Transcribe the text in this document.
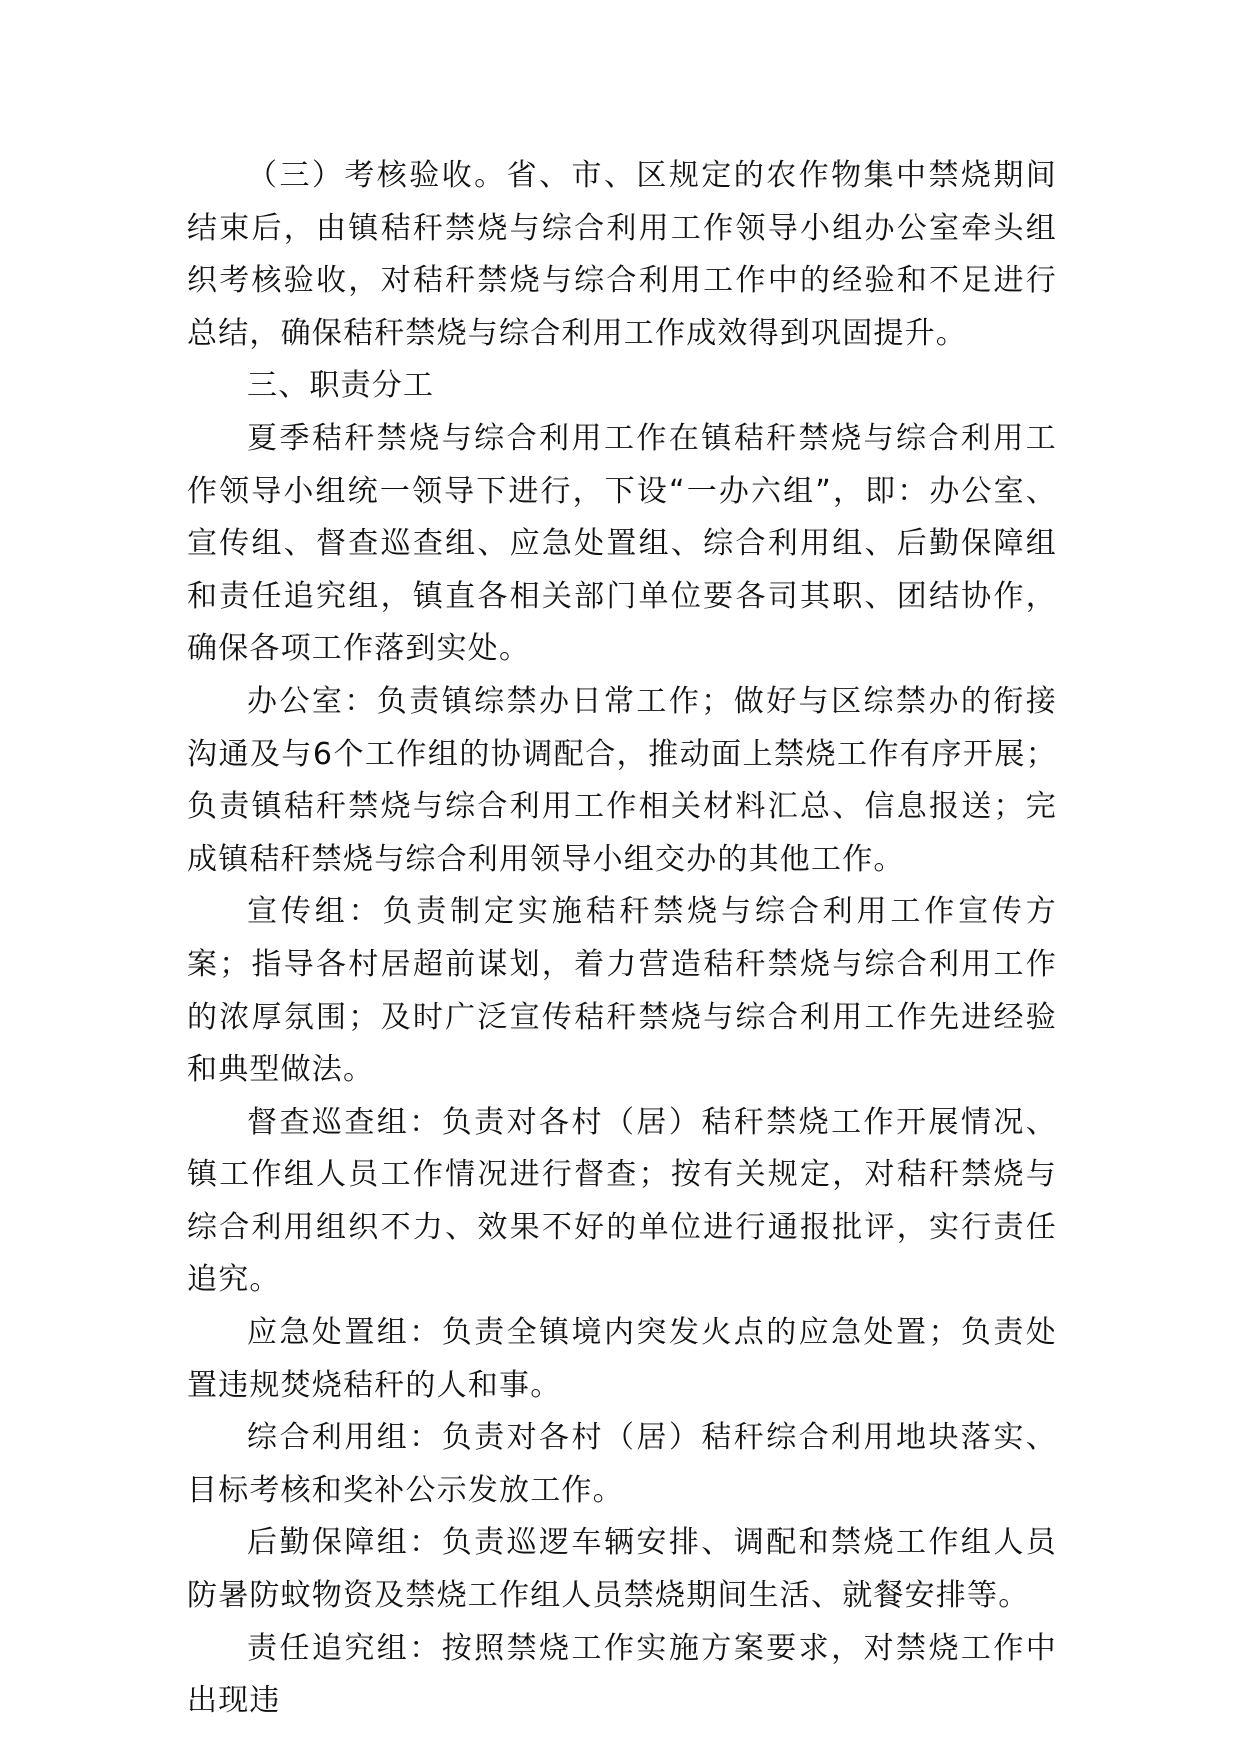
（三）考核验收。省、市、区规定的农作物集中禁烧期间结束后，由镇秸秆禁烧与综合利用工作领导小组办公室牵头组织考核验收，对秸秆禁烧与综合利用工作中的经验和不足进行总结，确保秸秆禁烧与综合利用工作成效得到巩固提升。

三、职责分工

夏季秸秆禁烧与综合利用工作在镇秸秆禁烧与综合利用工作领导小组统一领导下进行，下设“一办六组”，即：办公室、宣传组、督查巡查组、应急处置组、综合利用组、后勤保障组和责任追究组，镇直各相关部门单位要各司其职、团结协作，确保各项工作落到实处。

办公室：负责镇综禁办日常工作；做好与区综禁办的衔接沟通及与6个工作组的协调配合，推动面上禁烧工作有序开展；负责镇秸秆禁烧与综合利用工作相关材料汇总、信息报送；完成镇秸秆禁烧与综合利用领导小组交办的其他工作。

宣传组：负责制定实施秸秆禁烧与综合利用工作宣传方案；指导各村居超前谋划，着力营造秸秆禁烧与综合利用工作的浓厚氛围；及时广泛宣传秸秆禁烧与综合利用工作先进经验和典型做法。

督查巡查组：负责对各村（居）秸秆禁烧工作开展情况、镇工作组人员工作情况进行督查；按有关规定，对秸秆禁烧与综合利用组织不力、效果不好的单位进行通报批评，实行责任追究。

应急处置组：负责全镇境内突发火点的应急处置；负责处置违规焚烧秸秆的人和事。

综合利用组：负责对各村（居）秸秆综合利用地块落实、目标考核和奖补公示发放工作。

后勤保障组：负责巡逻车辆安排、调配和禁烧工作组人员防暑防蚊物资及禁烧工作组人员禁烧期间生活、就餐安排等。

责任追究组：按照禁烧工作实施方案要求，对禁烧工作中出现违
